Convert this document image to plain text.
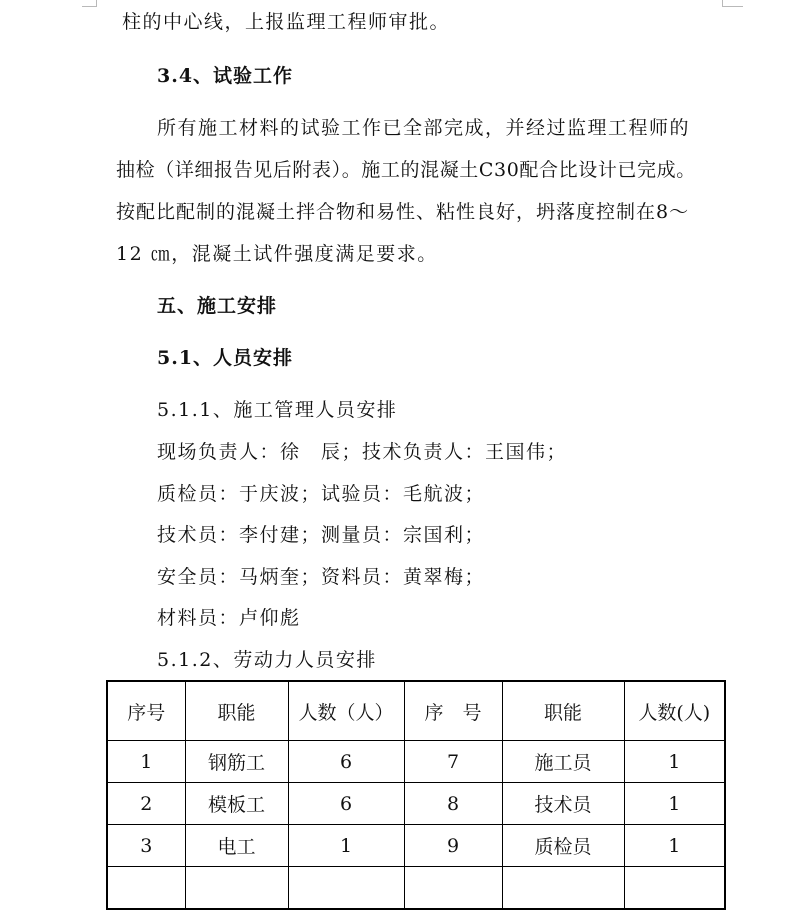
柱的中心线，上报监理工程师审批。
3.4、试验工作
所有施工材料的试验工作已全部完成，并经过监理工程师的
抽检（详细报告见后附表）。施工的混凝土C30配合比设计已完成。
按配比配制的混凝土拌合物和易性、粘性良好，坍落度控制在8～
12 ㎝，混凝土试件强度满足要求。
五、施工安排
5.1、人员安排
5.1.1、施工管理人员安排
现场负责人：徐　辰；技术负责人：王国伟；
质检员：于庆波；试验员：毛航波；
技术员：李付建；测量员：宗国利；
安全员：马炳奎；资料员：黄翠梅；
材料员：卢仰彪
5.1.2、劳动力人员安排
序号	职能	人数（人）	序　号	职能	人数(人)
1	钢筋工	6	7	施工员	1
2	模板工	6	8	技术员	1
3	电工	1	9	质检员	1
